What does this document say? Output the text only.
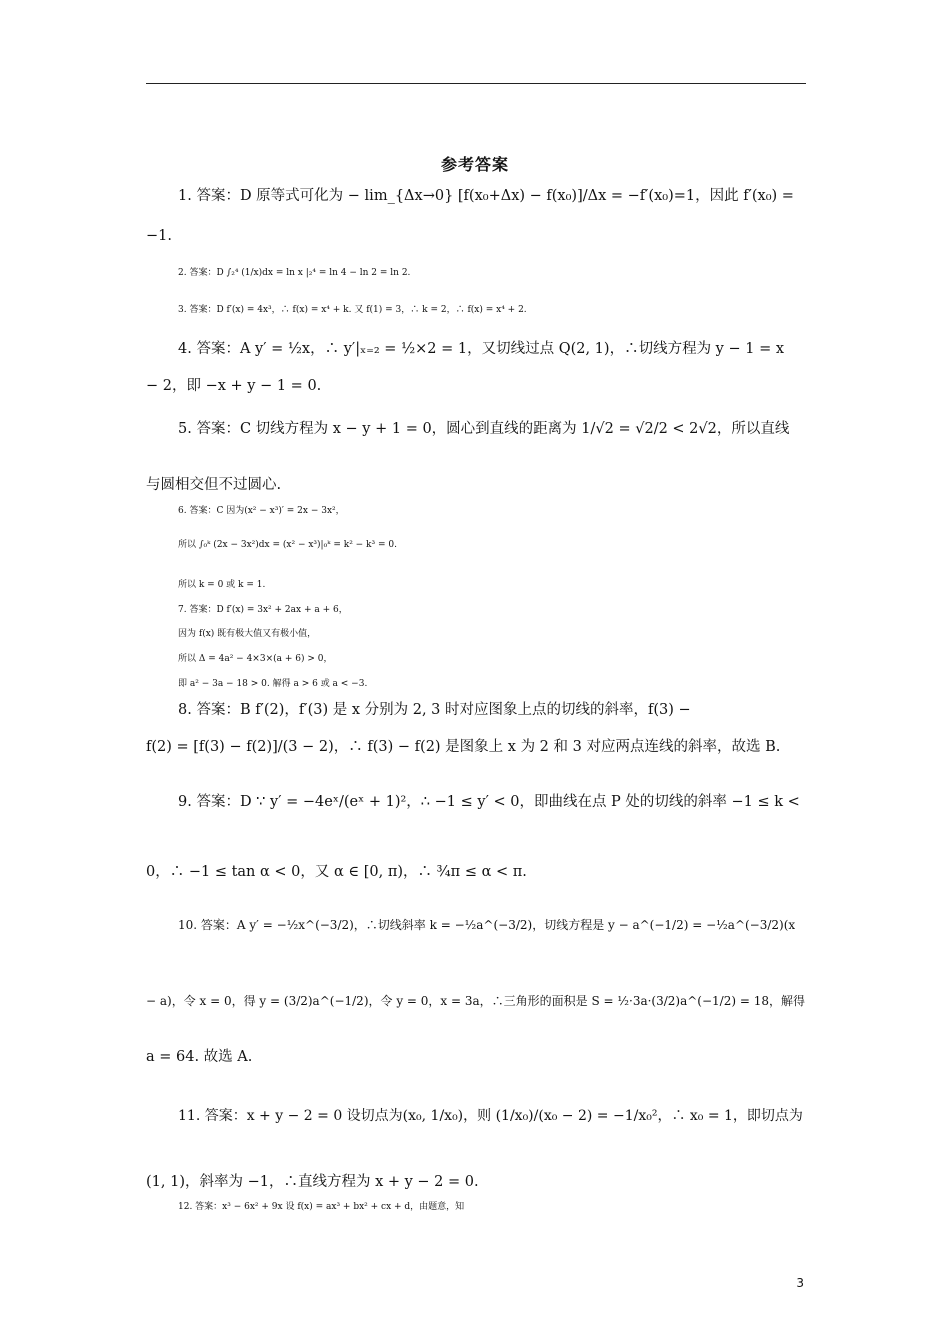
参考答案
1. 答案：D 原等式可化为 − lim_{Δx→0} [f(x₀+Δx) − f(x₀)]/Δx = −f′(x₀)=1，因此 f′(x₀) =
−1.
2. 答案：D ∫₂⁴ (1/x)dx = ln x |₂⁴ = ln 4 − ln 2 = ln 2.
3. 答案：D f′(x) = 4x³，∴ f(x) = x⁴ + k. 又 f(1) = 3，∴ k = 2，∴ f(x) = x⁴ + 2.
4. 答案：A y′ = ½x，∴ y′|ₓ₌₂ = ½×2 = 1，又切线过点 Q(2, 1)，∴切线方程为 y − 1 = x
− 2，即 −x + y − 1 = 0.
5. 答案：C 切线方程为 x − y + 1 = 0，圆心到直线的距离为 1/√2 = √2/2 < 2√2，所以直线
与圆相交但不过圆心.
6. 答案：C 因为(x² − x³)′ = 2x − 3x²，
所以 ∫₀ᵏ (2x − 3x²)dx = (x² − x³)|₀ᵏ = k² − k³ = 0.
所以 k = 0 或 k = 1.
7. 答案：D f′(x) = 3x² + 2ax + a + 6，
因为 f(x) 既有极大值又有极小值，
所以 Δ = 4a² − 4×3×(a + 6) > 0，
即 a² − 3a − 18 > 0. 解得 a > 6 或 a < −3.
8. 答案：B f′(2)，f′(3) 是 x 分别为 2, 3 时对应图象上点的切线的斜率，f(3) −
f(2) = [f(3) − f(2)]/(3 − 2)，∴ f(3) − f(2) 是图象上 x 为 2 和 3 对应两点连线的斜率，故选 B.
9. 答案：D ∵ y′ = −4eˣ/(eˣ + 1)²，∴ −1 ≤ y′ < 0，即曲线在点 P 处的切线的斜率 −1 ≤ k <
0，∴ −1 ≤ tan α < 0，又 α ∈ [0, π)，∴ ¾π ≤ α < π.
10. 答案：A y′ = −½x^(−3/2)，∴切线斜率 k = −½a^(−3/2)，切线方程是 y − a^(−1/2) = −½a^(−3/2)(x
− a)，令 x = 0，得 y = (3/2)a^(−1/2)，令 y = 0，x = 3a，∴三角形的面积是 S = ½·3a·(3/2)a^(−1/2) = 18，解得
a = 64. 故选 A.
11. 答案：x + y − 2 = 0 设切点为(x₀, 1/x₀)，则 (1/x₀)/(x₀ − 2) = −1/x₀²，∴ x₀ = 1，即切点为
(1, 1)，斜率为 −1，∴直线方程为 x + y − 2 = 0.
12. 答案：x³ − 6x² + 9x 设 f(x) = ax³ + bx² + cx + d，由题意，知
3
